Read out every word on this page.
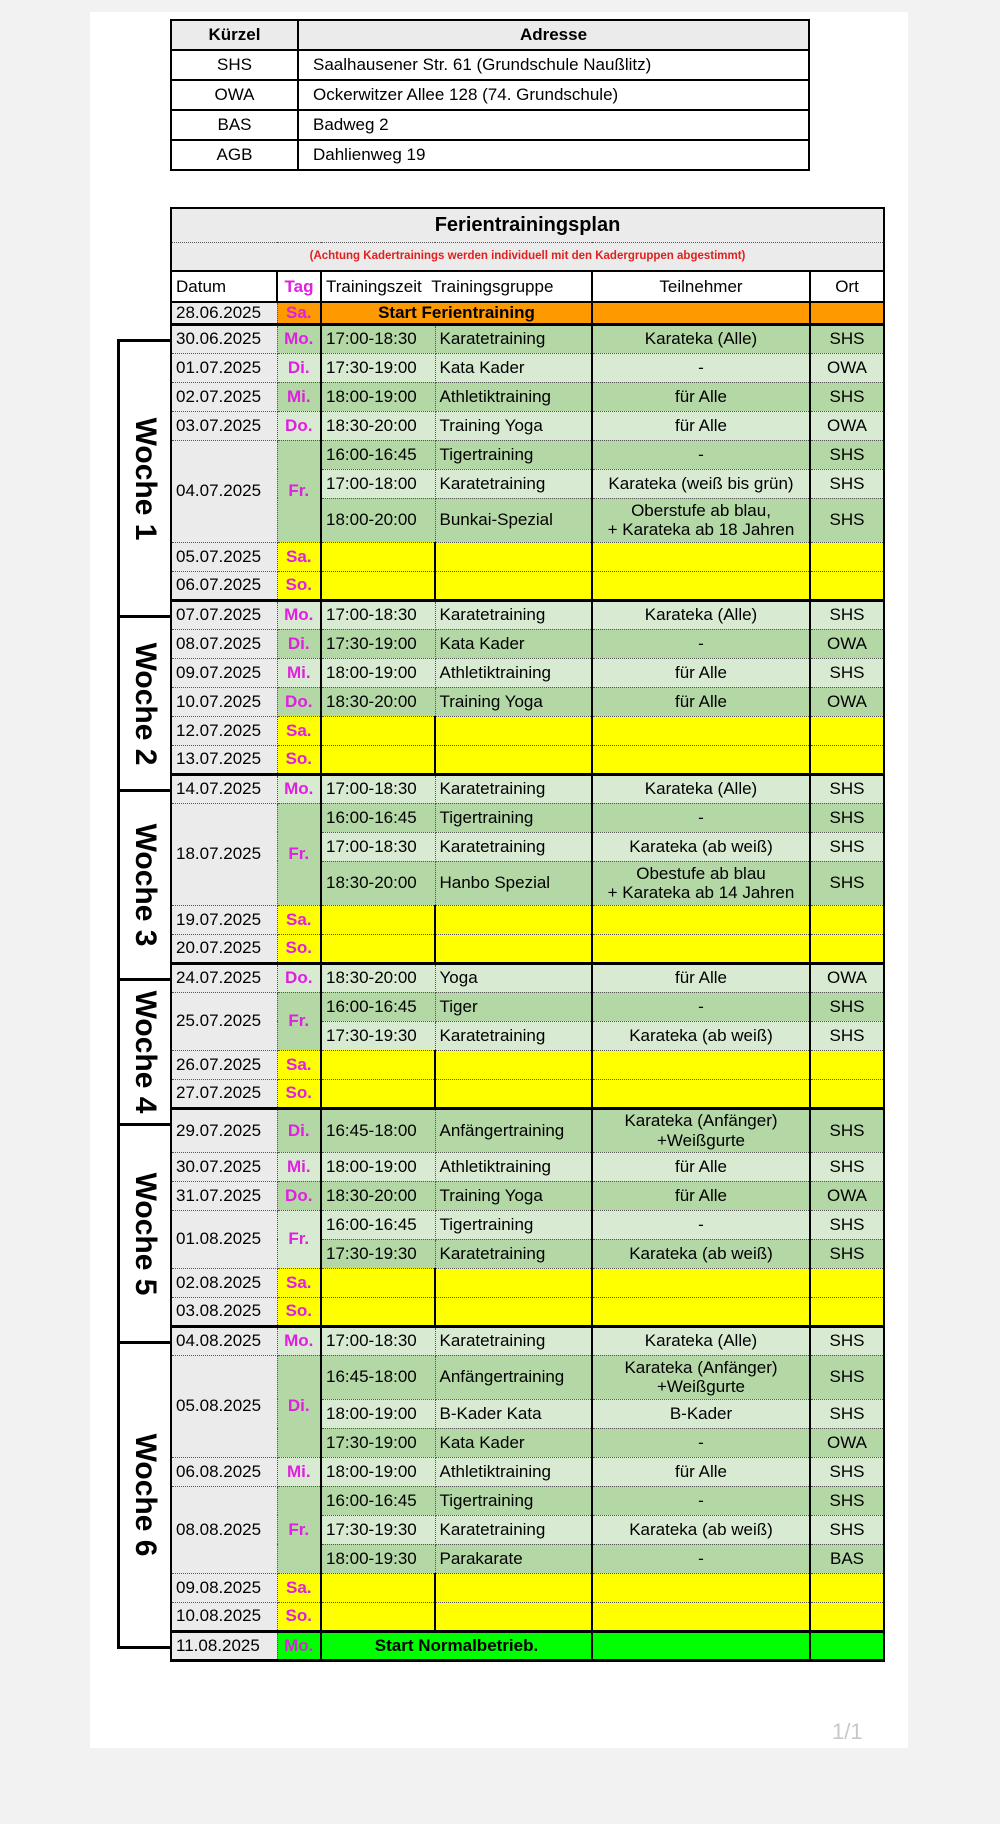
Kürzel	Adresse
SHS	Saalhausener Str. 61 (Grundschule Naußlitz)
OWA	Ockerwitzer Allee 128 (74. Grundschule)
BAS	Badweg 2
AGB	Dahlienweg 19
Ferientrainingsplan					
(Achtung Kadertrainings werden individuell mit den Kadergruppen abgestimmt)					
Datum	Tag	Trainingszeit Trainingsgruppe		Teilnehmer	Ort
28.06.2025	Sa.	Start Ferientraining			
30.06.2025	Mo.	17:00-18:30	Karatetraining	Karateka (Alle)	SHS
01.07.2025	Di.	17:30-19:00	Kata Kader	-	OWA
02.07.2025	Mi.	18:00-19:00	Athletiktraining	für Alle	SHS
03.07.2025	Do.	18:30-20:00	Training Yoga	für Alle	OWA
04.07.2025	Fr.	16:00-16:45	Tigertraining	-	SHS
		17:00-18:00	Karatetraining	Karateka (weiß bis grün)	SHS
		18:00-20:00	Bunkai-Spezial	Oberstufe ab blau,
+ Karateka ab 18 Jahren	SHS
05.07.2025	Sa.				
06.07.2025	So.				
07.07.2025	Mo.	17:00-18:30	Karatetraining	Karateka (Alle)	SHS
08.07.2025	Di.	17:30-19:00	Kata Kader	-	OWA
09.07.2025	Mi.	18:00-19:00	Athletiktraining	für Alle	SHS
10.07.2025	Do.	18:30-20:00	Training Yoga	für Alle	OWA
12.07.2025	Sa.				
13.07.2025	So.				
14.07.2025	Mo.	17:00-18:30	Karatetraining	Karateka (Alle)	SHS
18.07.2025	Fr.	16:00-16:45	Tigertraining	-	SHS
		17:00-18:30	Karatetraining	Karateka (ab weiß)	SHS
		18:30-20:00	Hanbo Spezial	Obestufe ab blau
+ Karateka ab 14 Jahren	SHS
19.07.2025	Sa.				
20.07.2025	So.				
24.07.2025	Do.	18:30-20:00	Yoga	für Alle	OWA
25.07.2025	Fr.	16:00-16:45	Tiger	-	SHS
		17:30-19:30	Karatetraining	Karateka (ab weiß)	SHS
26.07.2025	Sa.				
27.07.2025	So.				
29.07.2025	Di.	16:45-18:00	Anfängertraining	Karateka (Anfänger)
+Weißgurte	SHS
30.07.2025	Mi.	18:00-19:00	Athletiktraining	für Alle	SHS
31.07.2025	Do.	18:30-20:00	Training Yoga	für Alle	OWA
01.08.2025	Fr.	16:00-16:45	Tigertraining	-	SHS
		17:30-19:30	Karatetraining	Karateka (ab weiß)	SHS
02.08.2025	Sa.				
03.08.2025	So.				
04.08.2025	Mo.	17:00-18:30	Karatetraining	Karateka (Alle)	SHS
05.08.2025	Di.	16:45-18:00	Anfängertraining	Karateka (Anfänger)
+Weißgurte	SHS
		18:00-19:00	B-Kader Kata	B-Kader	SHS
		17:30-19:00	Kata Kader	-	OWA
06.08.2025	Mi.	18:00-19:00	Athletiktraining	für Alle	SHS
08.08.2025	Fr.	16:00-16:45	Tigertraining	-	SHS
		17:30-19:30	Karatetraining	Karateka (ab weiß)	SHS
		18:00-19:30	Parakarate	-	BAS
09.08.2025	Sa.				
10.08.2025	So.				
11.08.2025	Mo.	Start Normalbetrieb.			
Woche 1
Woche 2
Woche 3
Woche 4
Woche 5
Woche 6
1/1
